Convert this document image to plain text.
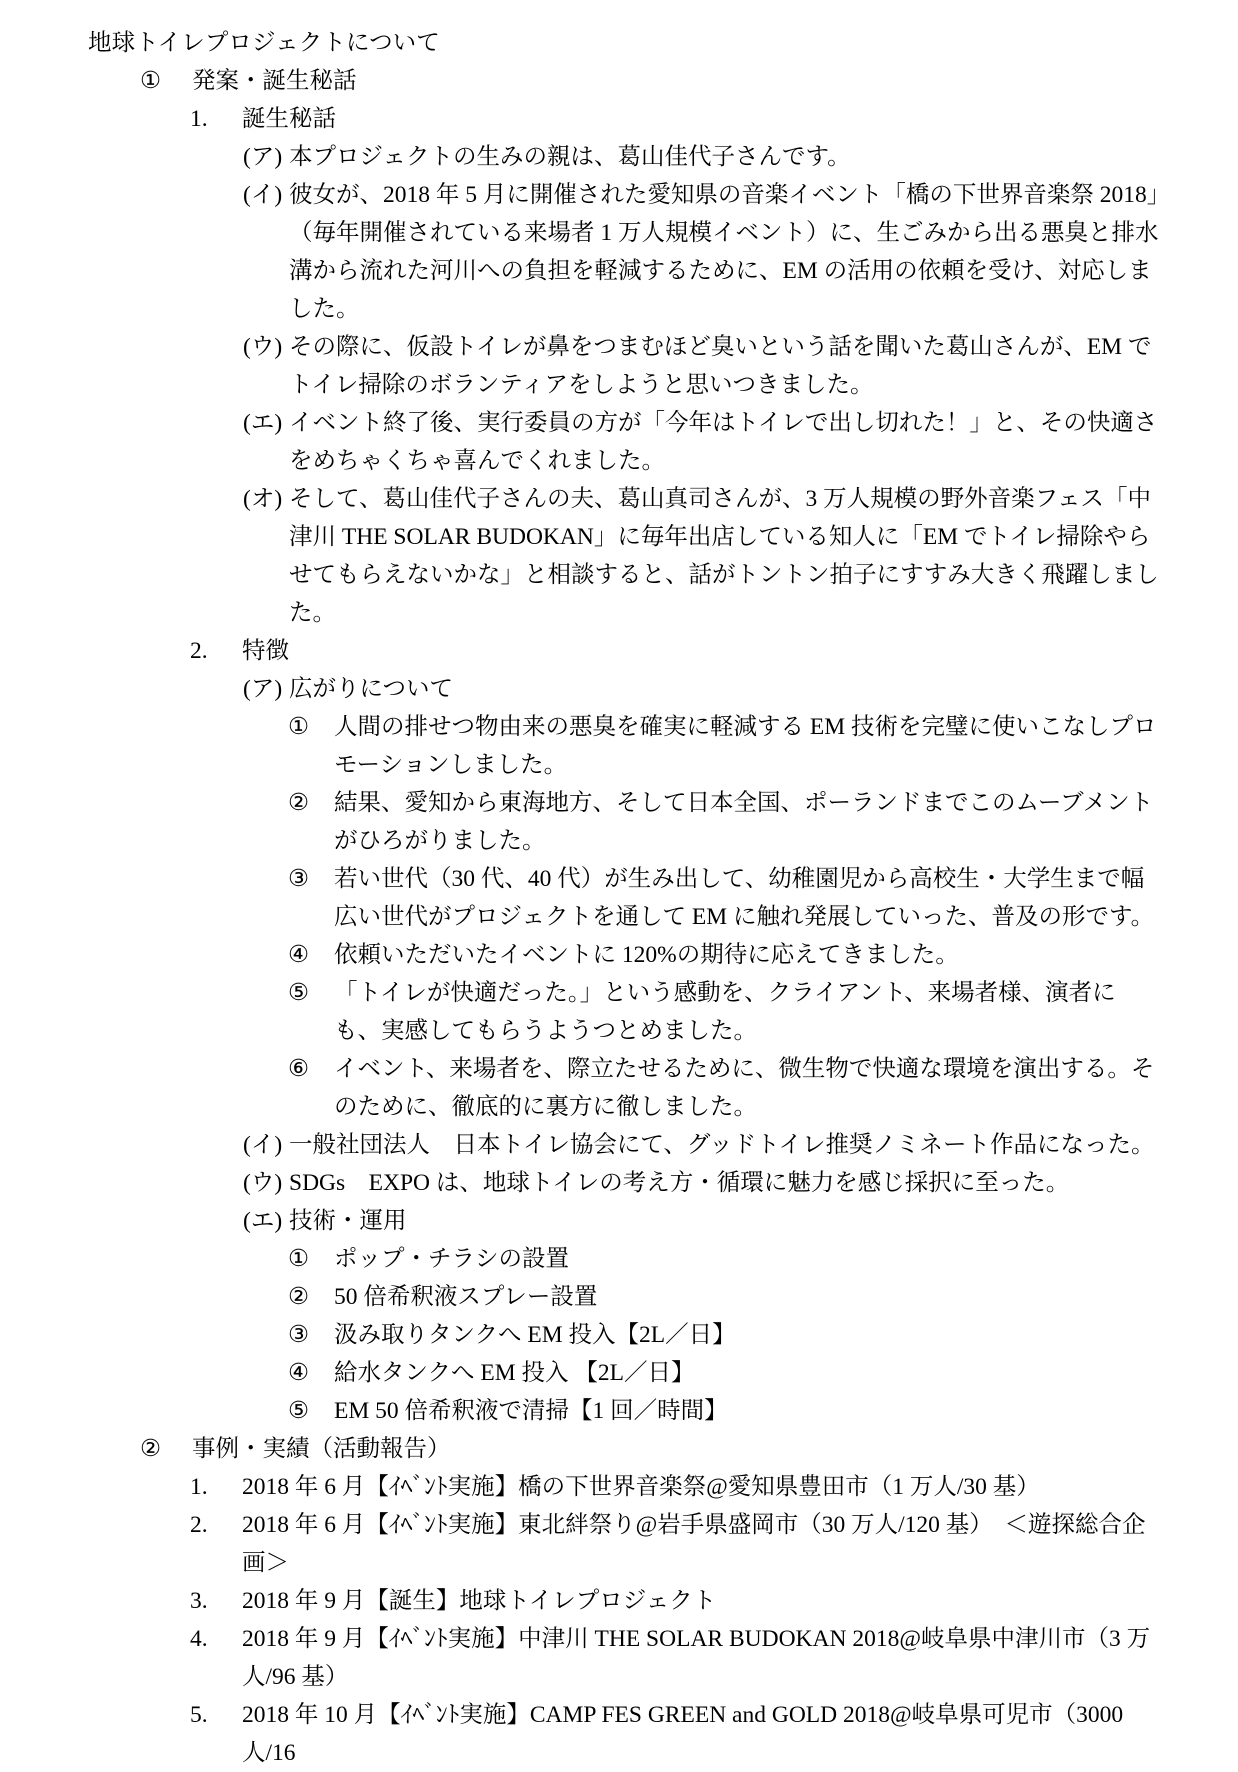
地球トイレプロジェクトについて
①	発案・誕生秘話
1.	誕生秘話
(ア) 本プロジェクトの生みの親は、葛山佳代子さんです。
(イ) 彼女が、2018 年 5 月に開催された愛知県の音楽イベント「橋の下世界音楽祭 2018」（毎年開催されている来場者 1 万人規模イベント）に、生ごみから出る悪臭と排水溝から流れた河川への負担を軽減するために、EM の活用の依頼を受け、対応しました。
(ウ) その際に、仮設トイレが鼻をつまむほど臭いという話を聞いた葛山さんが、EM でトイレ掃除のボランティアをしようと思いつきました。
(エ) イベント終了後、実行委員の方が「今年はトイレで出し切れた！」と、その快適さをめちゃくちゃ喜んでくれました。
(オ) そして、葛山佳代子さんの夫、葛山真司さんが、3 万人規模の野外音楽フェス「中津川 THE SOLAR BUDOKAN」に毎年出店している知人に「EM でトイレ掃除やらせてもらえないかな」と相談すると、話がトントン拍子にすすみ大きく飛躍しました。
2.	特徴
(ア) 広がりについて
①	人間の排せつ物由来の悪臭を確実に軽減する EM 技術を完璧に使いこなしプロモーションしました。
②	結果、愛知から東海地方、そして日本全国、ポーランドまでこのムーブメントがひろがりました。
③	若い世代（30 代、40 代）が生み出して、幼稚園児から高校生・大学生まで幅広い世代がプロジェクトを通して EM に触れ発展していった、普及の形です。
④	依頼いただいたイベントに 120%の期待に応えてきました。
⑤	「トイレが快適だった。」という感動を、クライアント、来場者様、演者にも、実感してもらうようつとめました。
⑥	イベント、来場者を、際立たせるために、微生物で快適な環境を演出する。そのために、徹底的に裏方に徹しました。
(イ) 一般社団法人　日本トイレ協会にて、グッドトイレ推奨ノミネート作品になった。
(ウ) SDGs　EXPO は、地球トイレの考え方・循環に魅力を感じ採択に至った。
(エ) 技術・運用
①	ポップ・チラシの設置
②	50 倍希釈液スプレー設置
③	汲み取りタンクへ EM 投入【2L／日】
④	給水タンクへ EM 投入 【2L／日】
⑤	EM 50 倍希釈液で清掃【1 回／時間】
②	事例・実績（活動報告）
1.	2018 年 6 月【ｲﾍﾞﾝﾄ実施】橋の下世界音楽祭@愛知県豊田市（1 万人/30 基）
2.	2018 年 6 月【ｲﾍﾞﾝﾄ実施】東北絆祭り@岩手県盛岡市（30 万人/120 基）　＜遊探総合企画＞
3.	2018 年 9 月【誕生】地球トイレプロジェクト
4.	2018 年 9 月【ｲﾍﾞﾝﾄ実施】中津川 THE SOLAR BUDOKAN 2018@岐阜県中津川市（3 万人/96 基）
5.	2018 年 10 月【ｲﾍﾞﾝﾄ実施】CAMP FES GREEN and GOLD 2018@岐阜県可児市（3000 人/16
